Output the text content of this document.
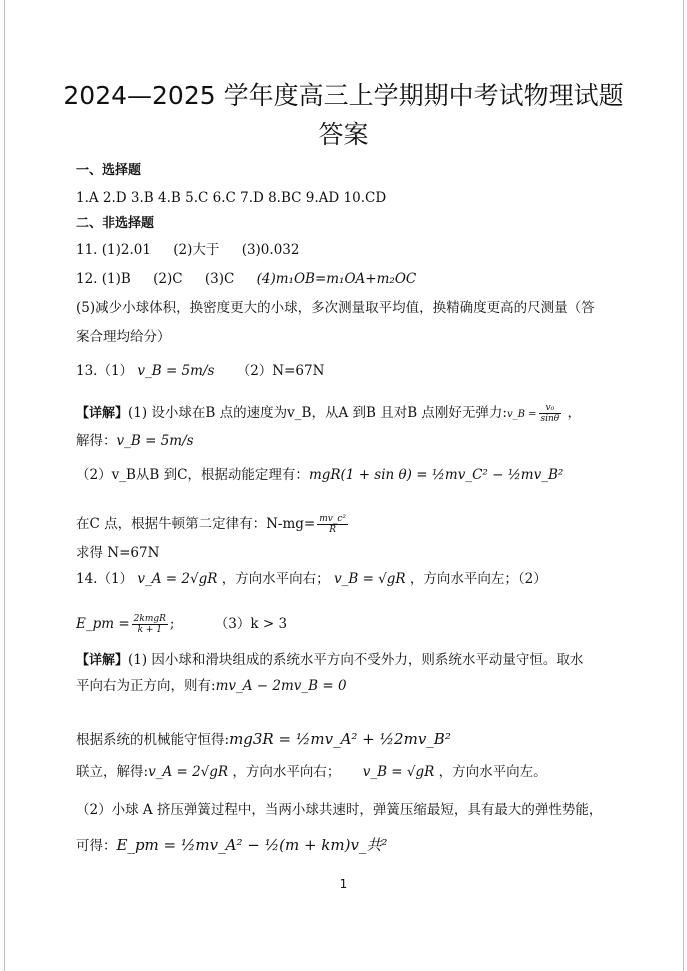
2024—2025 学年度高三上学期期中考试物理试题
答案
一、选择题
1.A 2.D 3.B 4.B 5.C 6.C 7.D 8.BC 9.AD 10.CD
二、非选择题
11. (1)2.01 (2)大于 (3)0.032
12. (1)B (2)C (3)C (4)m₁OB=m₁OA+m₂OC
(5)减少小球体积，换密度更大的小球，多次测量取平均值，换精确度更高的尺测量（答
案合理均给分）
13.（1） v_B = 5m/s （2）N=67N
【详解】(1) 设小球在B 点的速度为v_B，从A 到B 且对B 点刚好无弹力:v_B = $\frac{\text{v₀}}{\sin\theta}$ ，
解得：v_B = 5m/s
（2）v_B从B 到C，根据动能定理有：mgR(1 + sin θ) = ½mv_C² − ½mv_B²
在C 点，根据牛顿第二定律有：$N-mg= \frac{\text{mv\_c²}}{R}$
求得 N=67N
14.（1） v_A = 2√gR ，方向水平向右； v_B = √gR ，方向水平向左；（2）
E_pm = $\frac{\text{2kmgR}}{k + 1}$ ;	（3）k > 3
【详解】(1) 因小球和滑块组成的系统水平方向不受外力，则系统水平动量守恒。取水
平向右为正方向，则有:mv_A − 2mv_B = 0
根据系统的机械能守恒得:mg3R = ½mv_A² + ½2mv_B²
联立，解得:v_A = 2√gR ，方向水平向右； v_B = √gR ，方向水平向左。
（2）小球 A 挤压弹簧过程中，当两小球共速时，弹簧压缩最短，具有最大的弹性势能，
可得：E_pm = ½mv_A² − ½(m + km)v_共²
1
